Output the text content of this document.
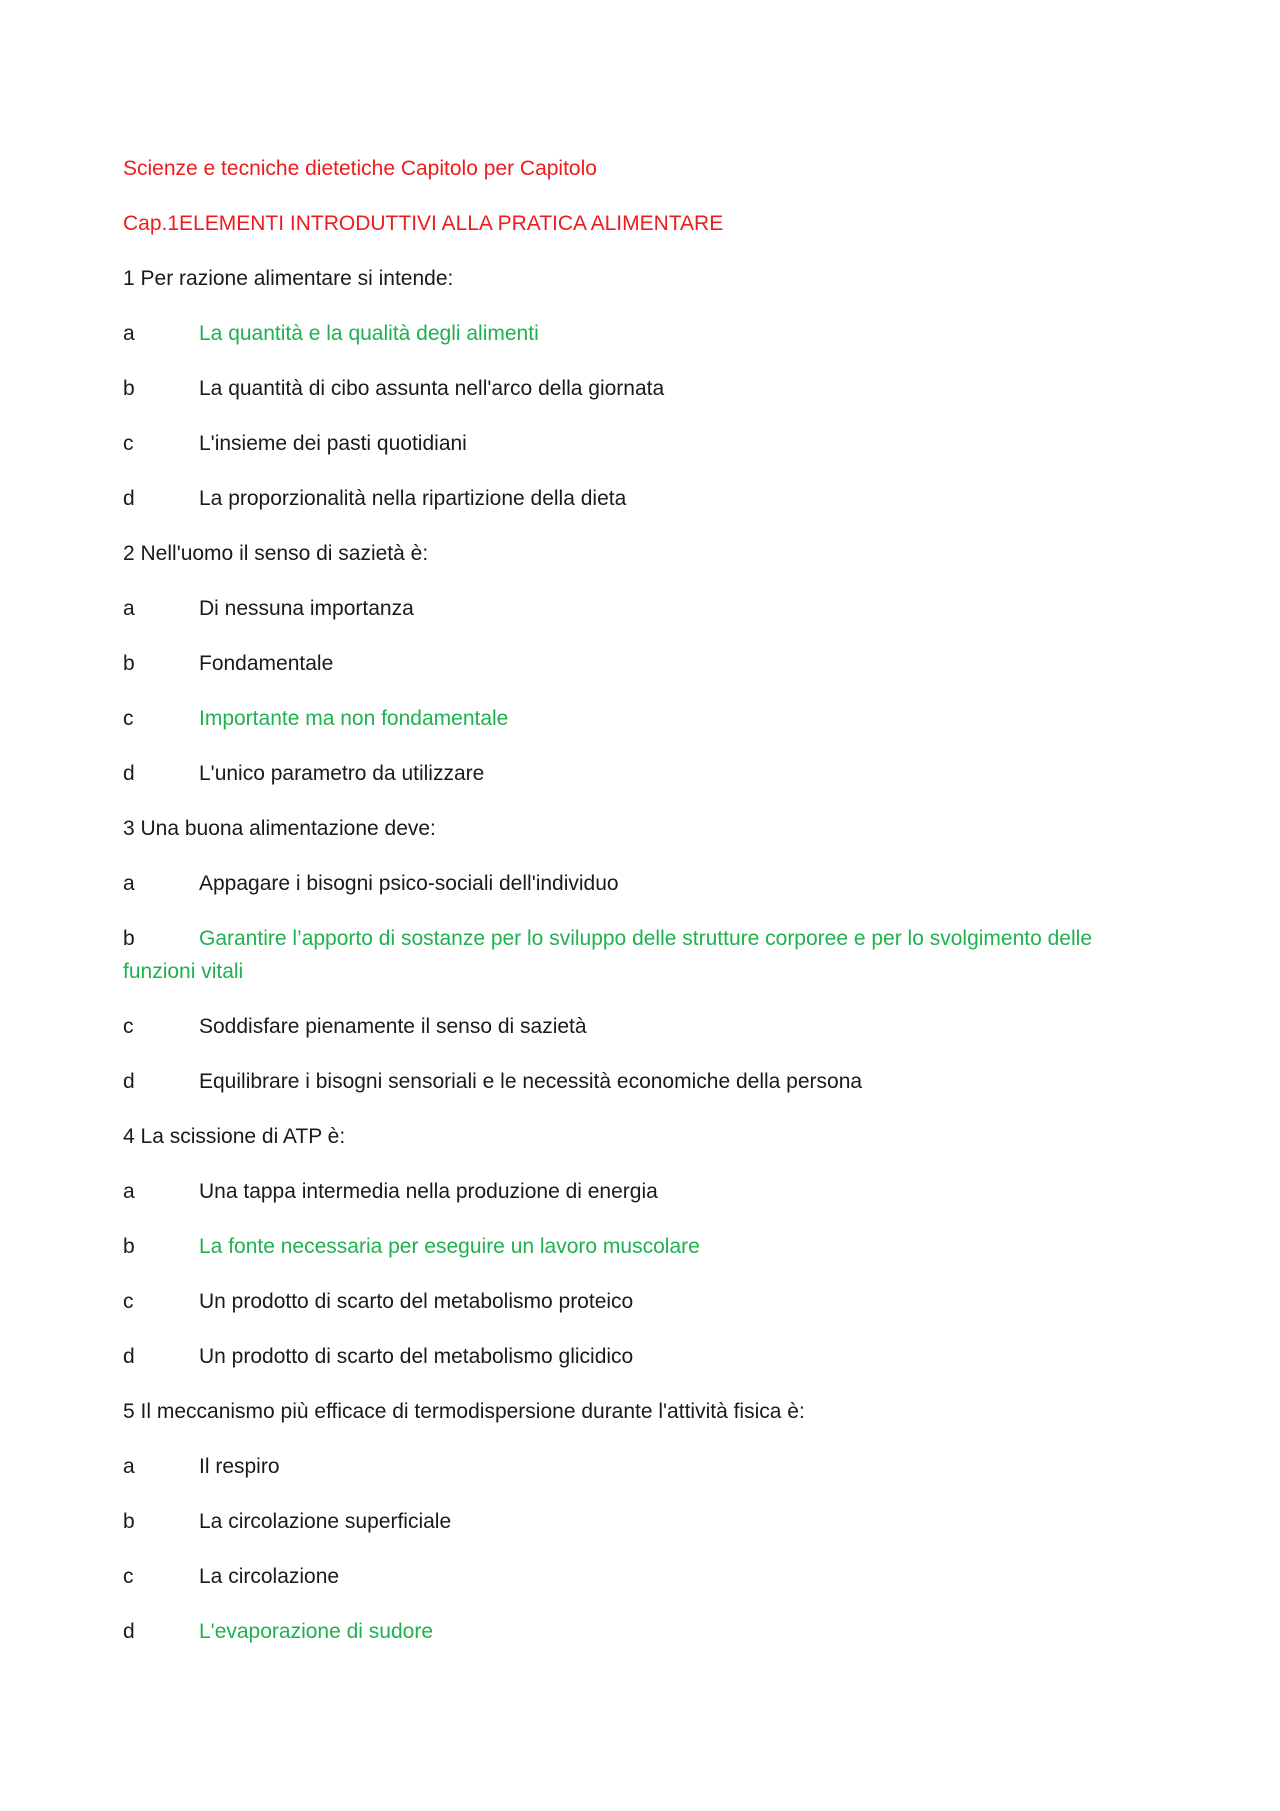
Scienze e tecniche dietetiche Capitolo per Capitolo
Cap.1ELEMENTI INTRODUTTIVI ALLA PRATICA ALIMENTARE
1 Per razione alimentare si intende:
a	La quantità e la qualità degli alimenti
b	La quantità di cibo assunta nell'arco della giornata
c	L'insieme dei pasti quotidiani
d	La proporzionalità nella ripartizione della dieta
2 Nell'uomo il senso di sazietà è:
a	Di nessuna importanza
b	Fondamentale
c	Importante ma non fondamentale
d	L'unico parametro da utilizzare
3 Una buona alimentazione deve:
a	Appagare i bisogni psico-sociali dell'individuo
b	Garantire l’apporto di sostanze per lo sviluppo delle strutture corporee e per lo svolgimento delle funzioni vitali
c	Soddisfare pienamente il senso di sazietà
d	Equilibrare i bisogni sensoriali e le necessità economiche della persona
4 La scissione di ATP è:
a	Una tappa intermedia nella produzione di energia
b	La fonte necessaria per eseguire un lavoro muscolare
c	Un prodotto di scarto del metabolismo proteico
d	Un prodotto di scarto del metabolismo glicidico
5 Il meccanismo più efficace di termodispersione durante l'attività fisica è:
a	Il respiro
b	La circolazione superficiale
c	La circolazione
d	L'evaporazione di sudore
